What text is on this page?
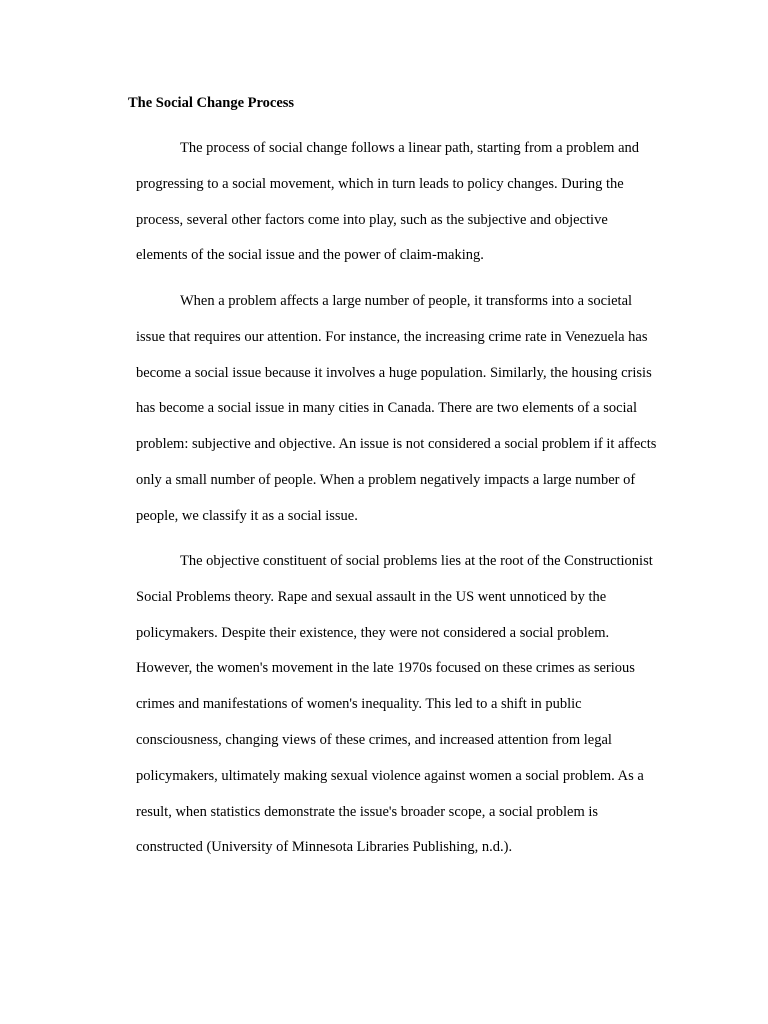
The Social Change Process
The process of social change follows a linear path, starting from a problem and
progressing to a social movement, which in turn leads to policy changes. During the
process, several other factors come into play, such as the subjective and objective
elements of the social issue and the power of claim-making.
When a problem affects a large number of people, it transforms into a societal
issue that requires our attention. For instance, the increasing crime rate in Venezuela has
become a social issue because it involves a huge population. Similarly, the housing crisis
has become a social issue in many cities in Canada. There are two elements of a social
problem: subjective and objective. An issue is not considered a social problem if it affects
only a small number of people. When a problem negatively impacts a large number of
people, we classify it as a social issue.
The objective constituent of social problems lies at the root of the Constructionist
Social Problems theory. Rape and sexual assault in the US went unnoticed by the
policymakers. Despite their existence, they were not considered a social problem.
However, the women's movement in the late 1970s focused on these crimes as serious
crimes and manifestations of women's inequality. This led to a shift in public
consciousness, changing views of these crimes, and increased attention from legal
policymakers, ultimately making sexual violence against women a social problem. As a
result, when statistics demonstrate the issue's broader scope, a social problem is
constructed (University of Minnesota Libraries Publishing, n.d.).
